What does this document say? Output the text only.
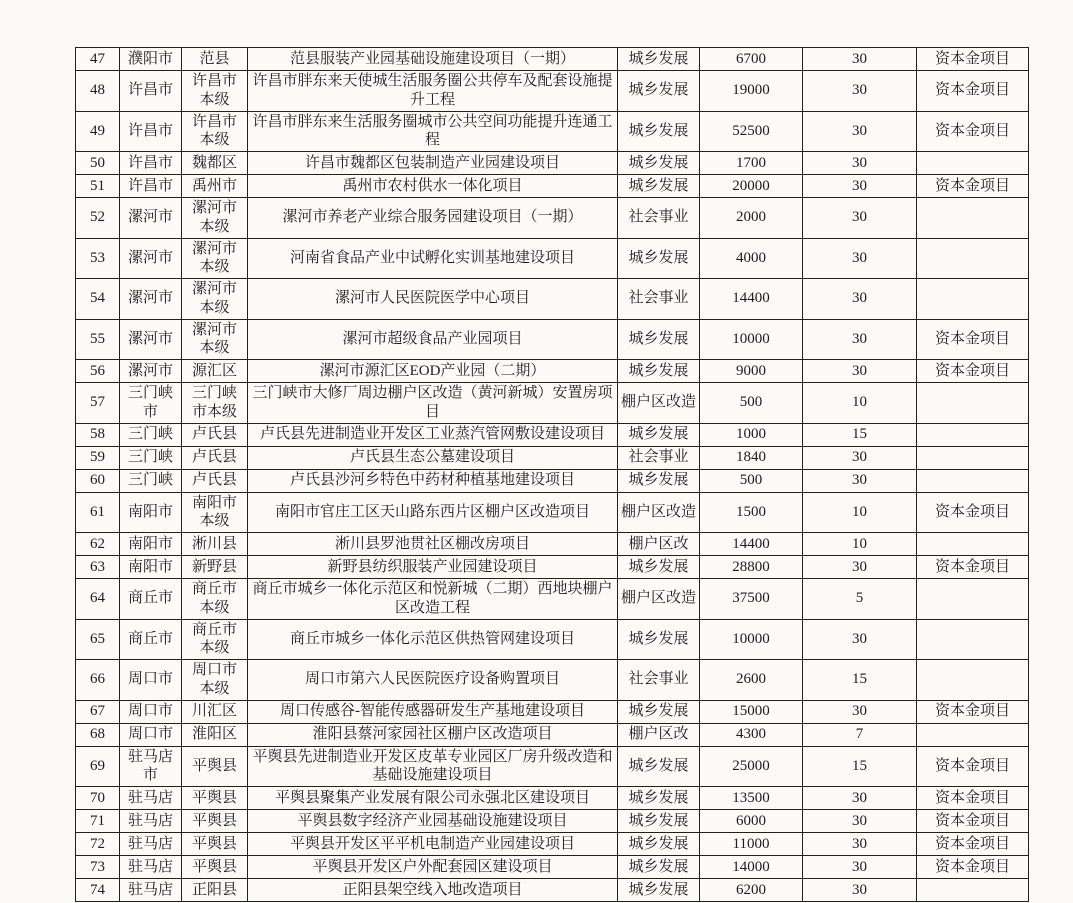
47	濮阳市	范县	范县服装产业园基础设施建设项目（一期）	城乡发展	6700	30	资本金项目
48	许昌市	许昌市本级	许昌市胖东来天使城生活服务圈公共停车及配套设施提升工程	城乡发展	19000	30	资本金项目
49	许昌市	许昌市本级	许昌市胖东来生活服务圈城市公共空间功能提升连通工程	城乡发展	52500	30	资本金项目
50	许昌市	魏都区	许昌市魏都区包装制造产业园建设项目	城乡发展	1700	30	
51	许昌市	禹州市	禹州市农村供水一体化项目	城乡发展	20000	30	资本金项目
52	漯河市	漯河市本级	漯河市养老产业综合服务园建设项目（一期）	社会事业	2000	30	
53	漯河市	漯河市本级	河南省食品产业中试孵化实训基地建设项目	城乡发展	4000	30	
54	漯河市	漯河市本级	漯河市人民医院医学中心项目	社会事业	14400	30	
55	漯河市	漯河市本级	漯河市超级食品产业园项目	城乡发展	10000	30	资本金项目
56	漯河市	源汇区	漯河市源汇区EOD产业园（二期）	城乡发展	9000	30	资本金项目
57	三门峡市	三门峡市本级	三门峡市大修厂周边棚户区改造（黄河新城）安置房项目	棚户区改造	500	10	
58	三门峡	卢氏县	卢氏县先进制造业开发区工业蒸汽管网敷设建设项目	城乡发展	1000	15	
59	三门峡	卢氏县	卢氏县生态公墓建设项目	社会事业	1840	30	
60	三门峡	卢氏县	卢氏县沙河乡特色中药材种植基地建设项目	城乡发展	500	30	
61	南阳市	南阳市本级	南阳市官庄工区天山路东西片区棚户区改造项目	棚户区改造	1500	10	资本金项目
62	南阳市	淅川县	淅川县罗池贯社区棚改房项目	棚户区改	14400	10	
63	南阳市	新野县	新野县纺织服装产业园建设项目	城乡发展	28800	30	资本金项目
64	商丘市	商丘市本级	商丘市城乡一体化示范区和悦新城（二期）西地块棚户区改造工程	棚户区改造	37500	5	
65	商丘市	商丘市本级	商丘市城乡一体化示范区供热管网建设项目	城乡发展	10000	30	
66	周口市	周口市本级	周口市第六人民医院医疗设备购置项目	社会事业	2600	15	
67	周口市	川汇区	周口传感谷-智能传感器研发生产基地建设项目	城乡发展	15000	30	资本金项目
68	周口市	淮阳区	淮阳县蔡河家园社区棚户区改造项目	棚户区改	4300	7	
69	驻马店市	平舆县	平舆县先进制造业开发区皮革专业园区厂房升级改造和基础设施建设项目	城乡发展	25000	15	资本金项目
70	驻马店	平舆县	平舆县聚集产业发展有限公司永强北区建设项目	城乡发展	13500	30	资本金项目
71	驻马店	平舆县	平舆县数字经济产业园基础设施建设项目	城乡发展	6000	30	资本金项目
72	驻马店	平舆县	平舆县开发区平平机电制造产业园建设项目	城乡发展	11000	30	资本金项目
73	驻马店	平舆县	平舆县开发区户外配套园区建设项目	城乡发展	14000	30	资本金项目
74	驻马店	正阳县	正阳县架空线入地改造项目	城乡发展	6200	30	
